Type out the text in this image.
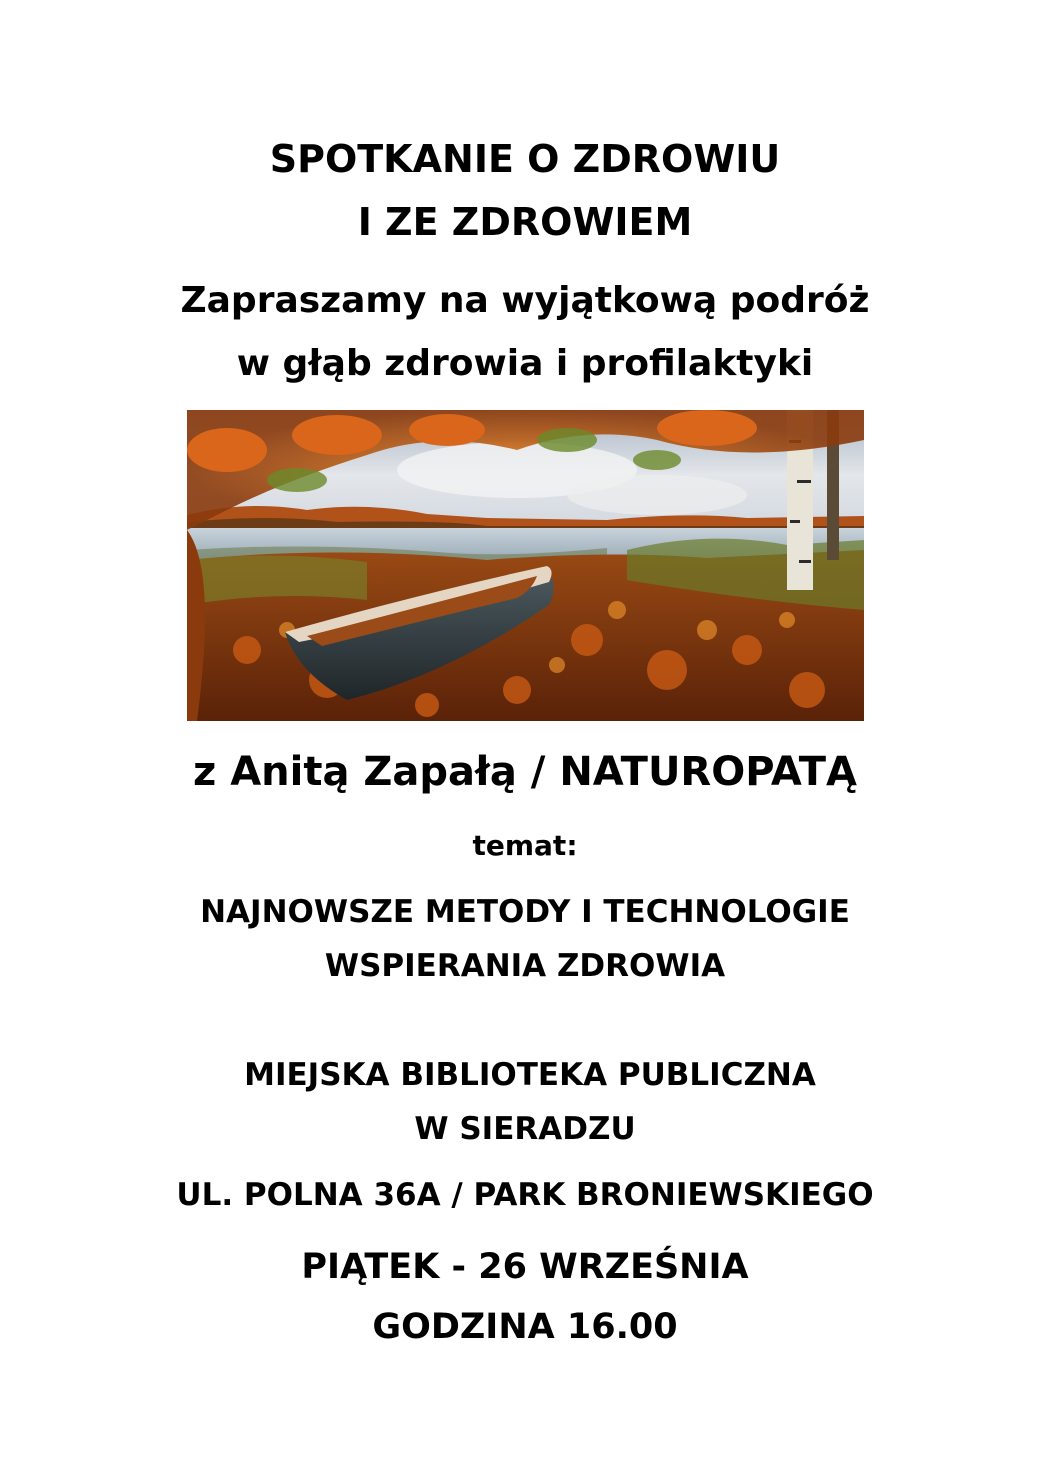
SPOTKANIE O ZDROWIU
I ZE ZDROWIEM
Zapraszamy na wyjątkową podróż
w głąb zdrowia i profilaktyki
z Anitą Zapałą / NATUROPATĄ
temat:
NAJNOWSZE METODY I TECHNOLOGIE
WSPIERANIA ZDROWIA
MIEJSKA BIBLIOTEKA PUBLICZNA
W SIERADZU
UL. POLNA 36A / PARK BRONIEWSKIEGO
PIĄTEK - 26 WRZEŚNIA
GODZINA 16.00
